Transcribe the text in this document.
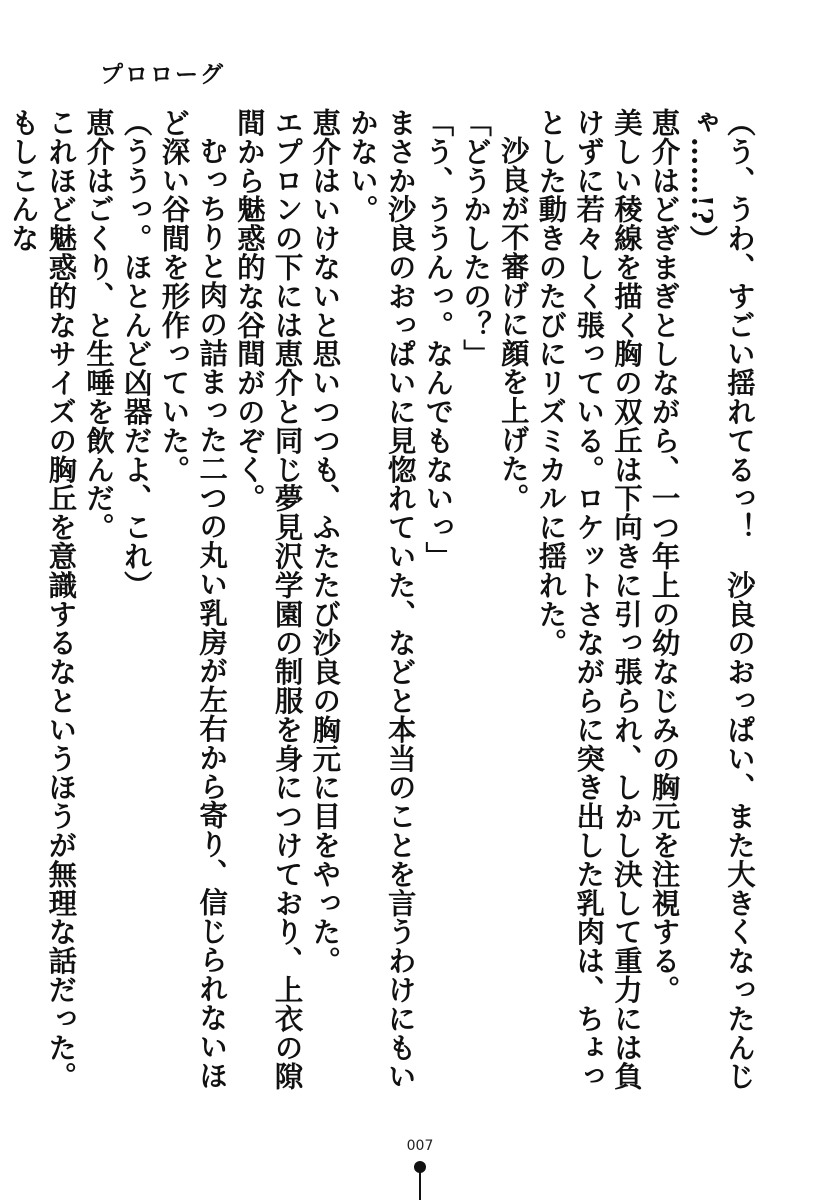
プロローグ

（う、うわ、すごい揺れてるっ！　沙良のおっぱい、また大きくなったんじゃ……!?）

恵介はどぎまぎとしながら、一つ年上の幼なじみの胸元を注視する。

美しい稜線を描く胸の双丘は下向きに引っ張られ、しかし決して重力には負けずに若々しく張っている。ロケットさながらに突き出した乳肉は、ちょっとした動きのたびにリズミカルに揺れた。

沙良が不審げに顔を上げた。

「どうかしたの？」

「う、ううんっ。なんでもないっ」

まさか沙良のおっぱいに見惚れていた、などと本当のことを言うわけにもいかない。

恵介はいけないと思いつつも、ふたたび沙良の胸元に目をやった。

エプロンの下には恵介と同じ夢見沢学園の制服を身につけており、上衣の隙間から魅惑的な谷間がのぞく。

むっちりと肉の詰まった二つの丸い乳房が左右から寄り、信じられないほど深い谷間を形作っていた。

（ううっ。ほとんど凶器だよ、これ）

恵介はごくり、と生唾を飲んだ。

これほど魅惑的なサイズの胸丘を意識するなというほうが無理な話だった。もしこんな

007
